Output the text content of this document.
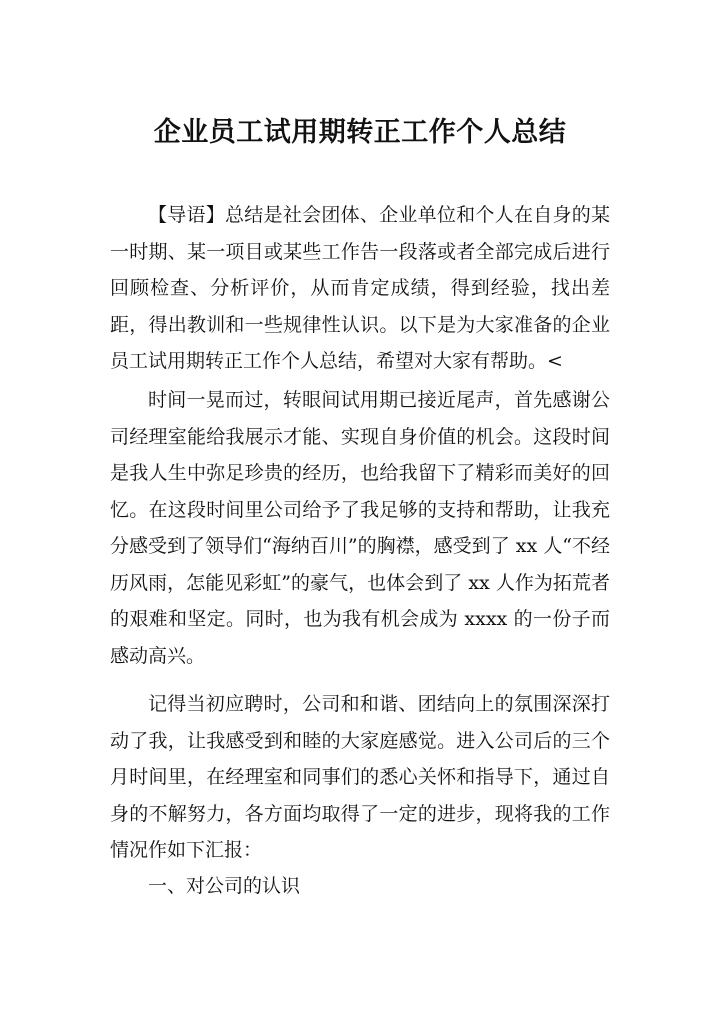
企业员工试用期转正工作个人总结
【导语】总结是社会团体、企业单位和个人在自身的某一时期、某一项目或某些工作告一段落或者全部完成后进行回顾检查、分析评价，从而肯定成绩，得到经验，找出差距，得出教训和一些规律性认识。以下是为大家准备的企业员工试用期转正工作个人总结，希望对大家有帮助。<
时间一晃而过，转眼间试用期已接近尾声，首先感谢公司经理室能给我展示才能、实现自身价值的机会。这段时间是我人生中弥足珍贵的经历，也给我留下了精彩而美好的回忆。在这段时间里公司给予了我足够的支持和帮助，让我充分感受到了领导们“海纳百川”的胸襟，感受到了 xx 人“不经历风雨，怎能见彩虹”的豪气，也体会到了 xx 人作为拓荒者的艰难和坚定。同时，也为我有机会成为 xxxx 的一份子而感动高兴。
记得当初应聘时，公司和和谐、团结向上的氛围深深打动了我，让我感受到和睦的大家庭感觉。进入公司后的三个月时间里，在经理室和同事们的悉心关怀和指导下，通过自身的不解努力，各方面均取得了一定的进步，现将我的工作情况作如下汇报：
一、对公司的认识
